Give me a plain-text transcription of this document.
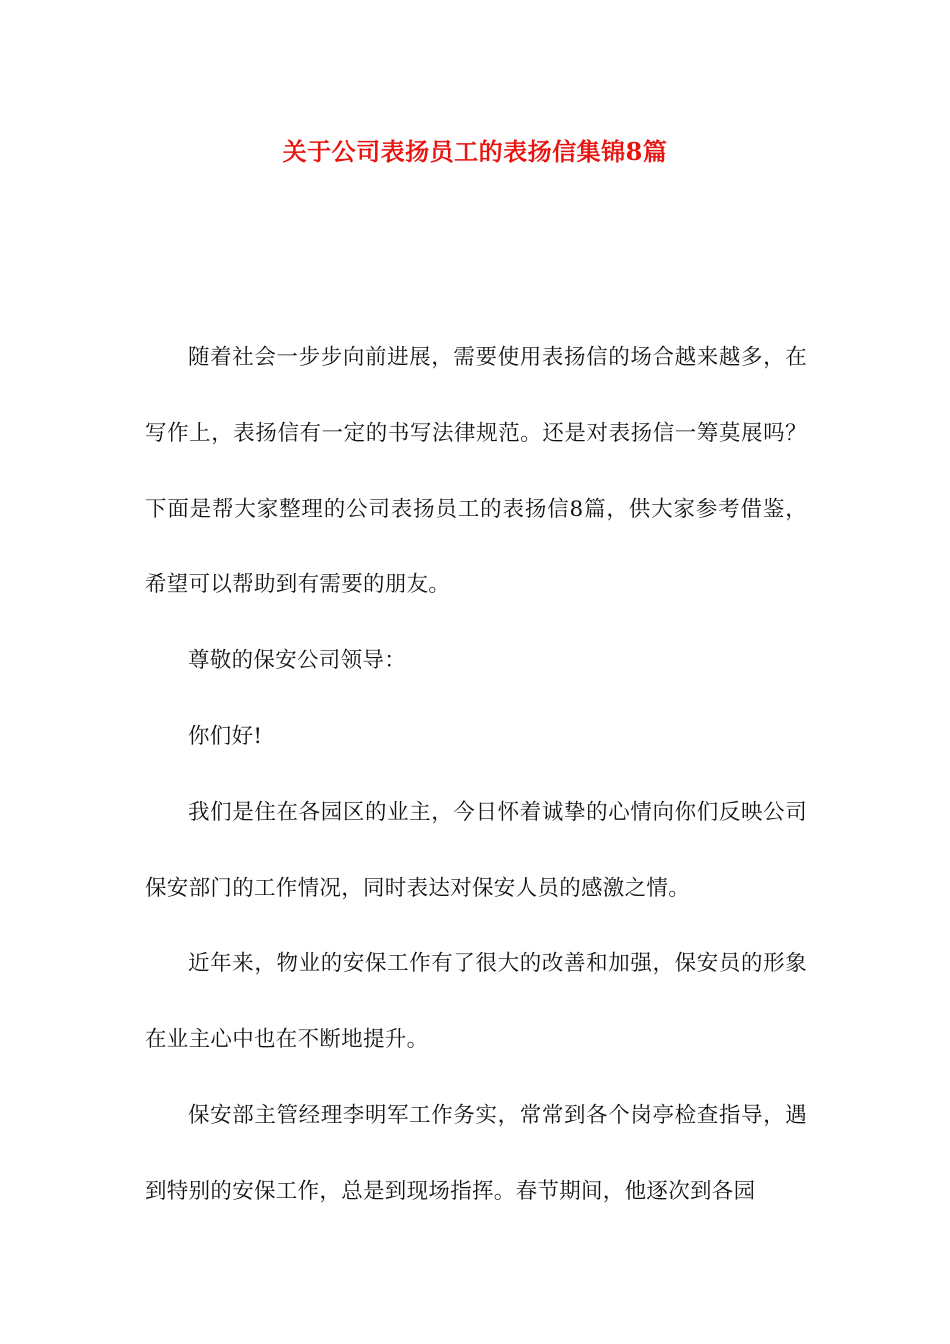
关于公司表扬员工的表扬信集锦8篇

随着社会一步步向前进展，需要使用表扬信的场合越来越多，在写作上，表扬信有一定的书写法律规范。还是对表扬信一筹莫展吗？下面是帮大家整理的公司表扬员工的表扬信8篇，供大家参考借鉴，希望可以帮助到有需要的朋友。

尊敬的保安公司领导：

你们好!

我们是住在各园区的业主，今日怀着诚挚的心情向你们反映公司保安部门的工作情况，同时表达对保安人员的感激之情。

近年来，物业的安保工作有了很大的改善和加强，保安员的形象在业主心中也在不断地提升。

保安部主管经理李明军工作务实，常常到各个岗亭检查指导，遇到特别的安保工作，总是到现场指挥。春节期间，他逐次到各园
